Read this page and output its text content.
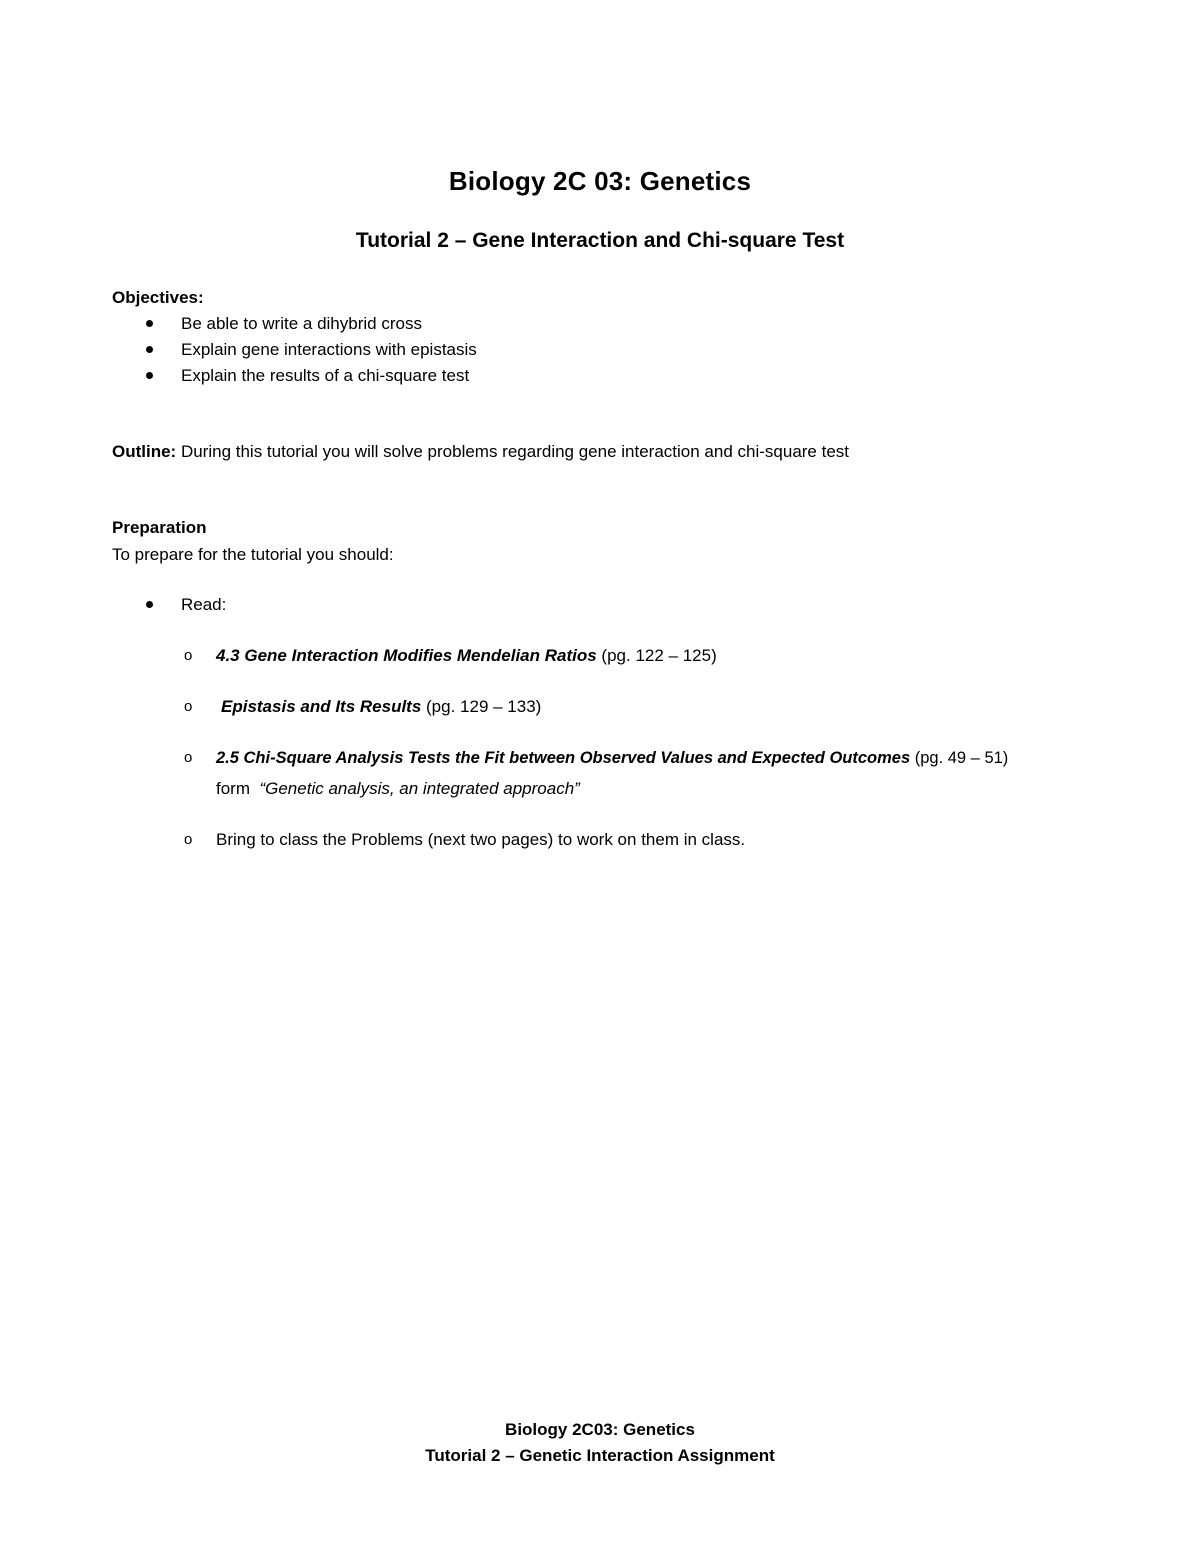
Biology 2C 03: Genetics
Tutorial 2 – Gene Interaction and Chi-square Test
Objectives:
Be able to write a dihybrid cross
Explain gene interactions with epistasis
Explain the results of a chi-square test
Outline: During this tutorial you will solve problems regarding gene interaction and chi-square test
Preparation
To prepare for the tutorial you should:
Read:
o 4.3 Gene Interaction Modifies Mendelian Ratios (pg. 122 – 125)
o Epistasis and Its Results (pg. 129 – 133)
o 2.5 Chi-Square Analysis Tests the Fit between Observed Values and Expected Outcomes (pg. 49 – 51)
form  “Genetic analysis, an integrated approach”
o Bring to class the Problems (next two pages) to work on them in class.
Biology 2C03: Genetics
Tutorial 2 – Genetic Interaction Assignment
